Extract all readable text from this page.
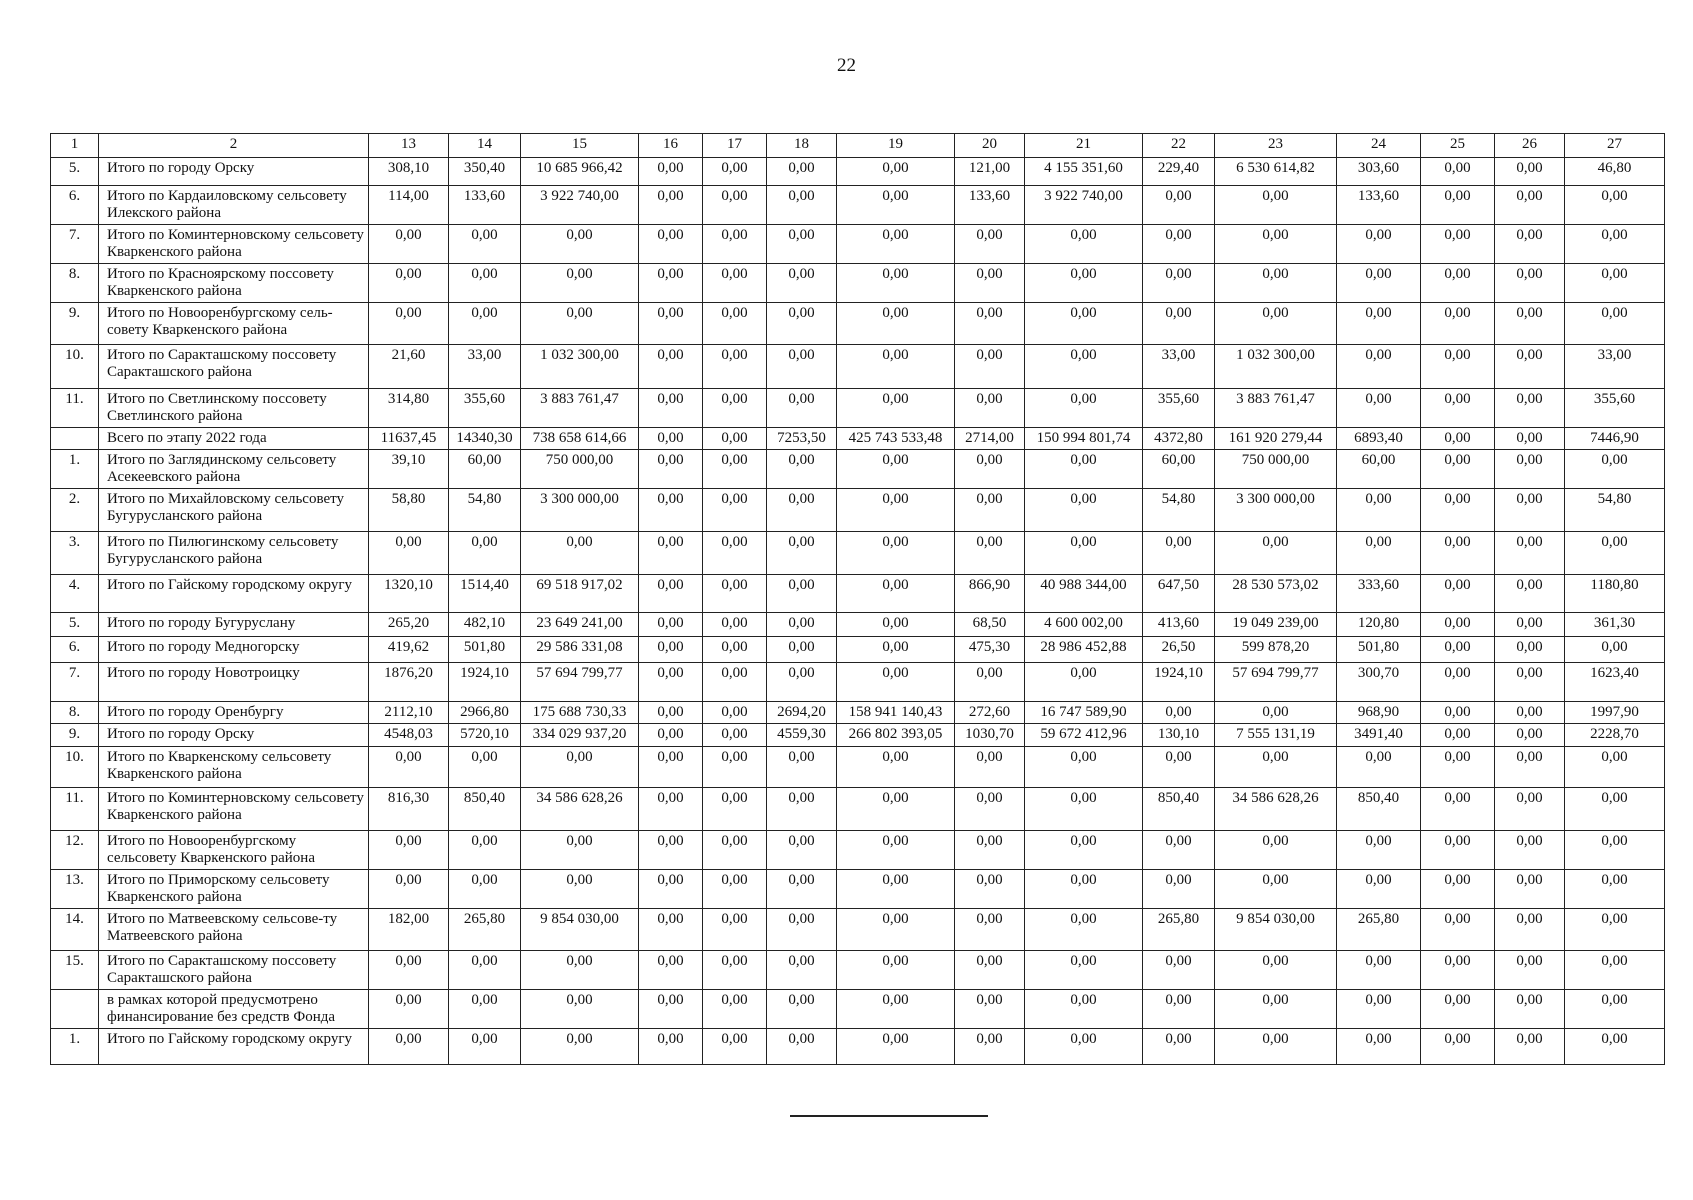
22
1	2	13	14	15	16	17	18	19	20	21	22	23	24	25	26	27
5.	Итого по городу Орску	308,10	350,40	10 685 966,42	0,00	0,00	0,00	0,00	121,00	4 155 351,60	229,40	6 530 614,82	303,60	0,00	0,00	46,80
6.	Итого по Кардаиловскому сельсовету Илекского района	114,00	133,60	3 922 740,00	0,00	0,00	0,00	0,00	133,60	3 922 740,00	0,00	0,00	133,60	0,00	0,00	0,00
7.	Итого по Коминтерновскому сельсовету Кваркенского района	0,00	0,00	0,00	0,00	0,00	0,00	0,00	0,00	0,00	0,00	0,00	0,00	0,00	0,00	0,00
8.	Итого по Красноярскому поссовету Кваркенского района	0,00	0,00	0,00	0,00	0,00	0,00	0,00	0,00	0,00	0,00	0,00	0,00	0,00	0,00	0,00
9.	Итого по Новооренбургскому сель-совету Кваркенского района	0,00	0,00	0,00	0,00	0,00	0,00	0,00	0,00	0,00	0,00	0,00	0,00	0,00	0,00	0,00
10.	Итого по Саракташскому поссовету Саракташского района	21,60	33,00	1 032 300,00	0,00	0,00	0,00	0,00	0,00	0,00	33,00	1 032 300,00	0,00	0,00	0,00	33,00
11.	Итого по Светлинскому поссовету Светлинского района	314,80	355,60	3 883 761,47	0,00	0,00	0,00	0,00	0,00	0,00	355,60	3 883 761,47	0,00	0,00	0,00	355,60
	Всего по этапу 2022 года	11637,45	14340,30	738 658 614,66	0,00	0,00	7253,50	425 743 533,48	2714,00	150 994 801,74	4372,80	161 920 279,44	6893,40	0,00	0,00	7446,90
1.	Итого по Заглядинскому сельсовету Асекеевского района	39,10	60,00	750 000,00	0,00	0,00	0,00	0,00	0,00	0,00	60,00	750 000,00	60,00	0,00	0,00	0,00
2.	Итого по Михайловскому сельсовету Бугурусланского района	58,80	54,80	3 300 000,00	0,00	0,00	0,00	0,00	0,00	0,00	54,80	3 300 000,00	0,00	0,00	0,00	54,80
3.	Итого по Пилюгинскому сельсовету Бугурусланского района	0,00	0,00	0,00	0,00	0,00	0,00	0,00	0,00	0,00	0,00	0,00	0,00	0,00	0,00	0,00
4.	Итого по Гайскому городскому округу	1320,10	1514,40	69 518 917,02	0,00	0,00	0,00	0,00	866,90	40 988 344,00	647,50	28 530 573,02	333,60	0,00	0,00	1180,80
5.	Итого по городу Бугуруслану	265,20	482,10	23 649 241,00	0,00	0,00	0,00	0,00	68,50	4 600 002,00	413,60	19 049 239,00	120,80	0,00	0,00	361,30
6.	Итого по городу Медногорску	419,62	501,80	29 586 331,08	0,00	0,00	0,00	0,00	475,30	28 986 452,88	26,50	599 878,20	501,80	0,00	0,00	0,00
7.	Итого по городу Новотроицку	1876,20	1924,10	57 694 799,77	0,00	0,00	0,00	0,00	0,00	0,00	1924,10	57 694 799,77	300,70	0,00	0,00	1623,40
8.	Итого по городу Оренбургу	2112,10	2966,80	175 688 730,33	0,00	0,00	2694,20	158 941 140,43	272,60	16 747 589,90	0,00	0,00	968,90	0,00	0,00	1997,90
9.	Итого по городу Орску	4548,03	5720,10	334 029 937,20	0,00	0,00	4559,30	266 802 393,05	1030,70	59 672 412,96	130,10	7 555 131,19	3491,40	0,00	0,00	2228,70
10.	Итого по Кваркенскому сельсовету Кваркенского района	0,00	0,00	0,00	0,00	0,00	0,00	0,00	0,00	0,00	0,00	0,00	0,00	0,00	0,00	0,00
11.	Итого по Коминтерновскому сельсовету Кваркенского района	816,30	850,40	34 586 628,26	0,00	0,00	0,00	0,00	0,00	0,00	850,40	34 586 628,26	850,40	0,00	0,00	0,00
12.	Итого по Новооренбургскому сельсовету Кваркенского района	0,00	0,00	0,00	0,00	0,00	0,00	0,00	0,00	0,00	0,00	0,00	0,00	0,00	0,00	0,00
13.	Итого по Приморскому сельсовету Кваркенского района	0,00	0,00	0,00	0,00	0,00	0,00	0,00	0,00	0,00	0,00	0,00	0,00	0,00	0,00	0,00
14.	Итого по Матвеевскому сельсове-ту Матвеевского района	182,00	265,80	9 854 030,00	0,00	0,00	0,00	0,00	0,00	0,00	265,80	9 854 030,00	265,80	0,00	0,00	0,00
15.	Итого по Саракташскому поссовету Саракташского района	0,00	0,00	0,00	0,00	0,00	0,00	0,00	0,00	0,00	0,00	0,00	0,00	0,00	0,00	0,00
	в рамках которой предусмотрено финансирование без средств Фонда	0,00	0,00	0,00	0,00	0,00	0,00	0,00	0,00	0,00	0,00	0,00	0,00	0,00	0,00	0,00
1.	Итого по Гайскому городскому округу	0,00	0,00	0,00	0,00	0,00	0,00	0,00	0,00	0,00	0,00	0,00	0,00	0,00	0,00	0,00
